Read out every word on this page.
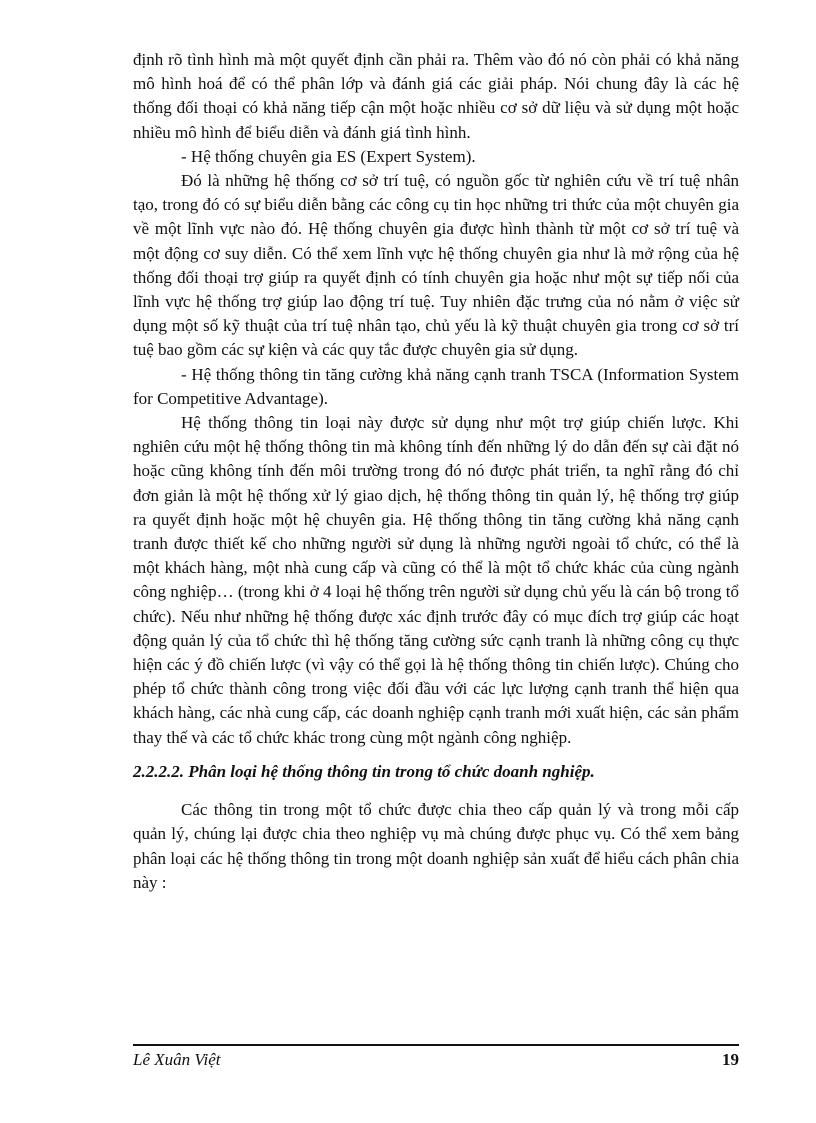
định rõ tình hình mà một quyết định cần phải ra. Thêm vào đó nó còn phải có khả năng mô hình hoá để có thể phân lớp và đánh giá các giải pháp. Nói chung đây là các hệ thống đối thoại có khả năng tiếp cận một hoặc nhiều cơ sở dữ liệu và sử dụng một hoặc nhiều mô hình để biểu diễn và đánh giá tình hình.

- Hệ thống chuyên gia ES (Expert System).

Đó là những hệ thống cơ sở trí tuệ, có nguồn gốc từ nghiên cứu về trí tuệ nhân tạo, trong đó có sự biểu diễn bằng các công cụ tin học những tri thức của một chuyên gia về một lĩnh vực nào đó. Hệ thống chuyên gia được hình thành từ một cơ sở trí tuệ và một động cơ suy diễn. Có thể xem lĩnh vực hệ thống chuyên gia như là mở rộng của hệ thống đối thoại trợ giúp ra quyết định có tính chuyên gia hoặc như một sự tiếp nối của lĩnh vực hệ thống trợ giúp lao động trí tuệ. Tuy nhiên đặc trưng của nó nằm ở việc sử dụng một số kỹ thuật của trí tuệ nhân tạo, chủ yếu là kỹ thuật chuyên gia trong cơ sở trí tuệ bao gồm các sự kiện và các quy tắc được chuyên gia sử dụng.

- Hệ thống thông tin tăng cường khả năng cạnh tranh TSCA (Information System for Competitive Advantage).

Hệ thống thông tin loại này được sử dụng như một trợ giúp chiến lược. Khi nghiên cứu một hệ thống thông tin mà không tính đến những lý do dẫn đến sự cài đặt nó hoặc cũng không tính đến môi trường trong đó nó được phát triển, ta nghĩ rằng đó chỉ đơn giản là một hệ thống xử lý giao dịch, hệ thống thông tin quản lý, hệ thống trợ giúp ra quyết định hoặc một hệ chuyên gia. Hệ thống thông tin tăng cường khả năng cạnh tranh được thiết kế cho những người sử dụng là những người ngoài tổ chức, có thể là một khách hàng, một nhà cung cấp và cũng có thể là một tổ chức khác của cùng ngành công nghiệp… (trong khi ở 4 loại hệ thống trên người sử dụng chủ yếu là cán bộ trong tổ chức). Nếu như những hệ thống được xác định trước đây có mục đích trợ giúp các hoạt động quản lý của tổ chức thì hệ thống tăng cường sức cạnh tranh là những công cụ thực hiện các ý đồ chiến lược (vì vậy có thể gọi là hệ thống thông tin chiến lược). Chúng cho phép tổ chức thành công trong việc đối đầu với các lực lượng cạnh tranh thể hiện qua khách hàng, các nhà cung cấp, các doanh nghiệp cạnh tranh mới xuất hiện, các sản phẩm thay thế và các tổ chức khác trong cùng một ngành công nghiệp.

2.2.2.2. Phân loại hệ thống thông tin trong tổ chức doanh nghiệp.

Các thông tin trong một tổ chức được chia theo cấp quản lý và trong mỗi cấp quản lý, chúng lại được chia theo nghiệp vụ mà chúng được phục vụ. Có thể xem bảng phân loại các hệ thống thông tin trong một doanh nghiệp sản xuất để hiểu cách phân chia này :

Lê Xuân Việt	19
